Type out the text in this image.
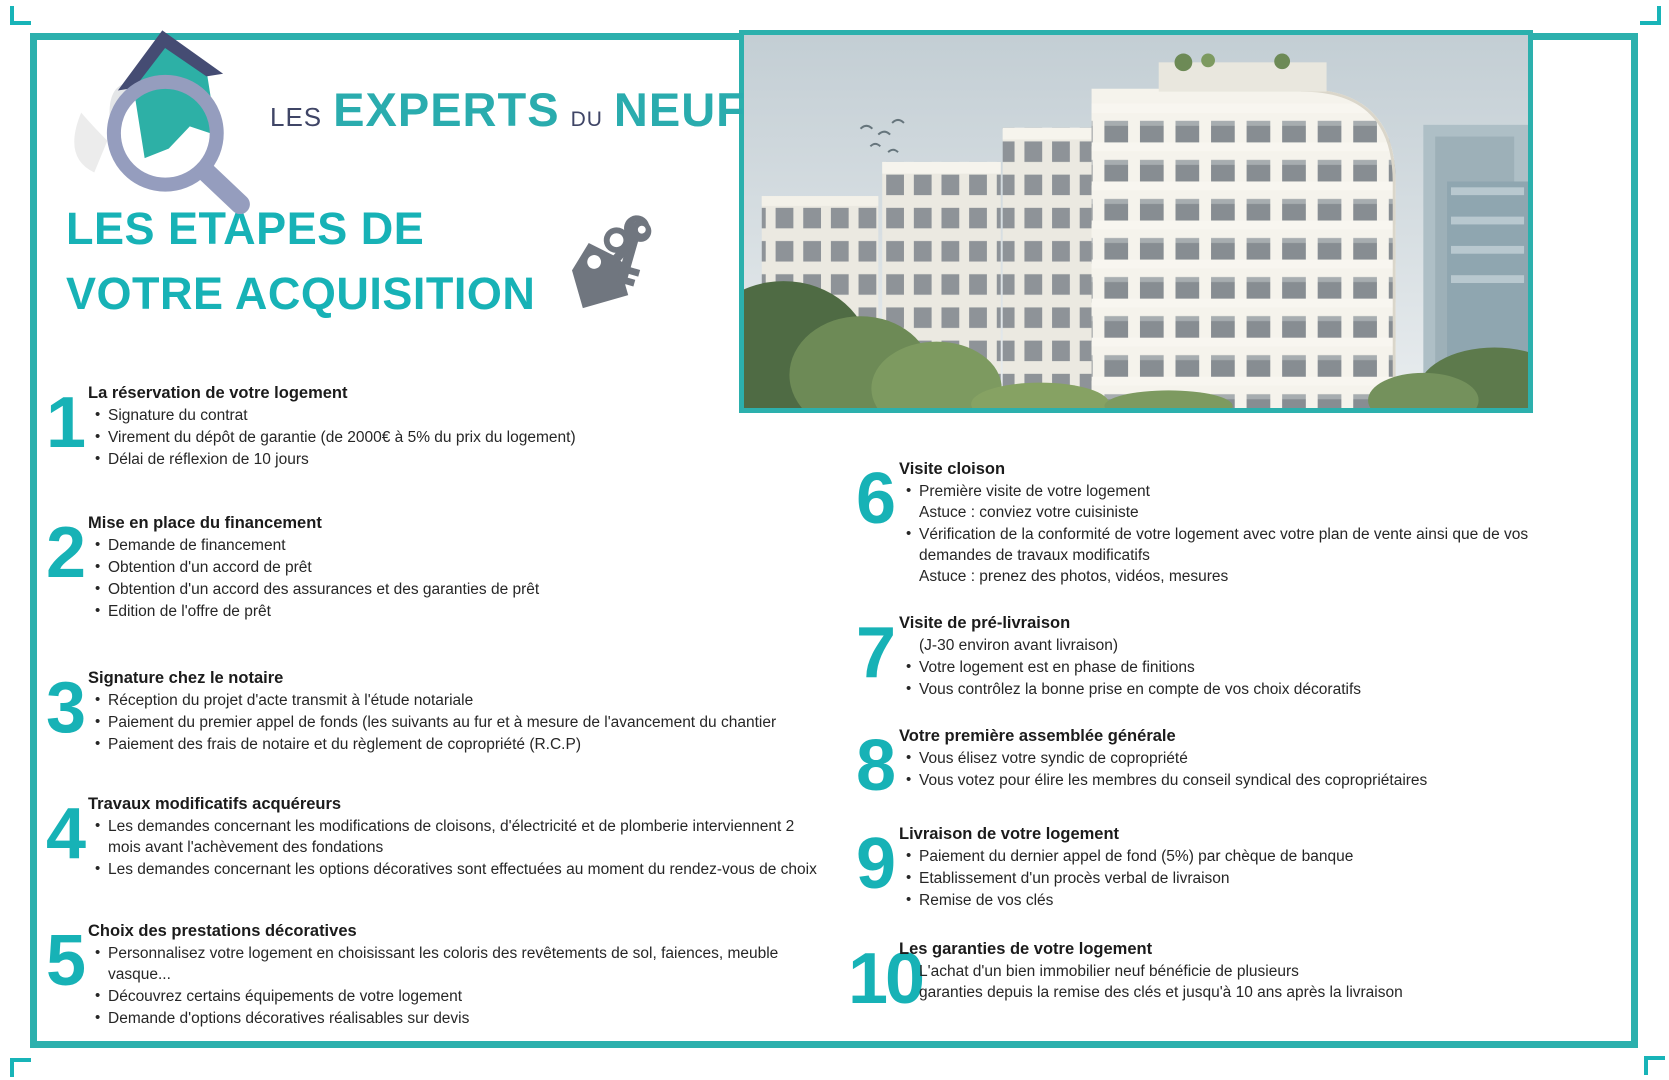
LES EXPERTS DU NEUF
LES ETAPES DE
VOTRE ACQUISITION
1 La réservation de votre logement
• Signature du contrat
• Virement du dépôt de garantie (de 2000€ à 5% du prix du logement)
• Délai de réflexion de 10 jours
2 Mise en place du financement
• Demande de financement
• Obtention d'un accord de prêt
• Obtention d'un accord des assurances et des garanties de prêt
• Edition de l'offre de prêt
3 Signature chez le notaire
• Réception du projet d'acte transmit à l'étude notariale
• Paiement du premier appel de fonds (les suivants au fur et à mesure de l'avancement du chantier
• Paiement des frais de notaire et du règlement de copropriété (R.C.P)
4 Travaux modificatifs acquéreurs
• Les demandes concernant les modifications de cloisons, d'électricité et de plomberie interviennent 2 mois avant l'achèvement des fondations
• Les demandes concernant les options décoratives sont effectuées au moment du rendez-vous de choix
5 Choix des prestations décoratives
• Personnalisez votre logement en choisissant les coloris des revêtements de sol, faiences, meuble vasque...
• Découvrez certains équipements de votre logement
• Demande d'options décoratives réalisables sur devis
6 Visite cloison
• Première visite de votre logement
Astuce : conviez votre cuisiniste
• Vérification de la conformité de votre logement avec votre plan de vente ainsi que de vos demandes de travaux modificatifs
Astuce : prenez des photos, vidéos, mesures
7 Visite de pré-livraison
(J-30 environ avant livraison)
• Votre logement est en phase de finitions
• Vous contrôlez la bonne prise en compte de vos choix décoratifs
8 Votre première assemblée générale
• Vous élisez votre syndic de copropriété
• Vous votez pour élire les membres du conseil syndical des copropriétaires
9 Livraison de votre logement
• Paiement du dernier appel de fond (5%) par chèque de banque
• Etablissement d'un procès verbal de livraison
• Remise de vos clés
10
Les garanties de votre logement
L'achat d'un bien immobilier neuf bénéficie de plusieurs
garanties depuis la remise des clés et jusqu'à 10 ans après la livraison
